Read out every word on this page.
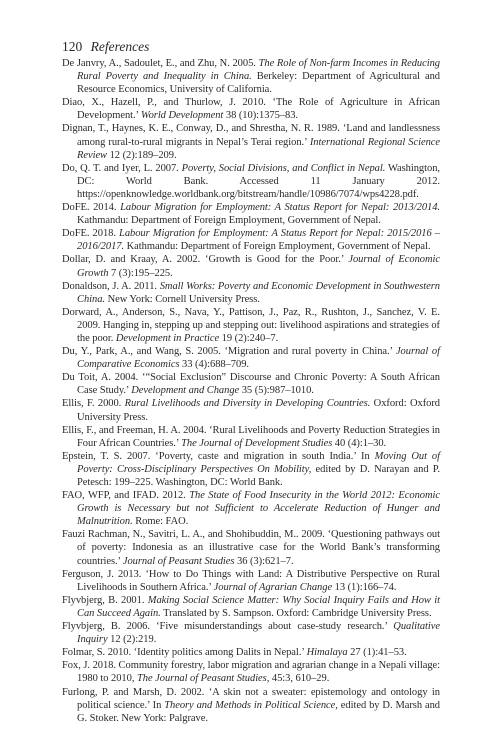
120 References

De Janvry, A., Sadoulet, E., and Zhu, N. 2005. The Role of Non-farm Incomes in Reducing Rural Poverty and Inequality in China. Berkeley: Department of Agricultural and Resource Economics, University of California.

Diao, X., Hazell, P., and Thurlow, J. 2010. ‘The Role of Agriculture in African Development.’ World Development 38 (10):1375–83.

Dignan, T., Haynes, K. E., Conway, D., and Shrestha, N. R. 1989. ‘Land and landlessness among rural-to-rural migrants in Nepal’s Terai region.’ International Regional Science Review 12 (2):189–209.

Do, Q. T. and Iyer, L. 2007. Poverty, Social Divisions, and Conflict in Nepal. Washington, DC: World Bank. Accessed 11 January 2012. https://openknowledge.worldbank.org/bitstream/handle/10986/7074/wps4228.pdf.

DoFE. 2014. Labour Migration for Employment: A Status Report for Nepal: 2013/2014. Kathmandu: Department of Foreign Employment, Government of Nepal.

DoFE. 2018. Labour Migration for Employment: A Status Report for Nepal: 2015/2016 – 2016/2017. Kathmandu: Department of Foreign Employment, Government of Nepal.

Dollar, D. and Kraay, A. 2002. ‘Growth is Good for the Poor.’ Journal of Economic Growth 7 (3):195–225.

Donaldson, J. A. 2011. Small Works: Poverty and Economic Development in Southwestern China. New York: Cornell University Press.

Dorward, A., Anderson, S., Nava, Y., Pattison, J., Paz, R., Rushton, J., Sanchez, V. E. 2009. Hanging in, stepping up and stepping out: livelihood aspirations and strategies of the poor. Development in Practice 19 (2):240–7.

Du, Y., Park, A., and Wang, S. 2005. ‘Migration and rural poverty in China.’ Journal of Comparative Economics 33 (4):688–709.

Du Toit, A. 2004. ‘“Social Exclusion” Discourse and Chronic Poverty: A South African Case Study.’ Development and Change 35 (5):987–1010.

Ellis, F. 2000. Rural Livelihoods and Diversity in Developing Countries. Oxford: Oxford University Press.

Ellis, F., and Freeman, H. A. 2004. ‘Rural Livelihoods and Poverty Reduction Strategies in Four African Countries.’ The Journal of Development Studies 40 (4):1–30.

Epstein, T. S. 2007. ‘Poverty, caste and migration in south India.’ In Moving Out of Poverty: Cross-Disciplinary Perspectives On Mobility, edited by D. Narayan and P. Petesch: 199–225. Washington, DC: World Bank.

FAO, WFP, and IFAD. 2012. The State of Food Insecurity in the World 2012: Economic Growth is Necessary but not Sufficient to Accelerate Reduction of Hunger and Malnutrition. Rome: FAO.

Fauzi Rachman, N., Savitri, L. A., and Shohibuddin, M.. 2009. ‘Questioning pathways out of poverty: Indonesia as an illustrative case for the World Bank’s transforming countries.’ Journal of Peasant Studies 36 (3):621–7.

Ferguson, J. 2013. ‘How to Do Things with Land: A Distributive Perspective on Rural Livelihoods in Southern Africa.’ Journal of Agrarian Change 13 (1):166–74.

Flyvbjerg, B. 2001. Making Social Science Matter: Why Social Inquiry Fails and How it Can Succeed Again. Translated by S. Sampson. Oxford: Cambridge University Press.

Flyvbjerg, B. 2006. ‘Five misunderstandings about case-study research.’ Qualitative Inquiry 12 (2):219.

Folmar, S. 2010. ‘Identity politics among Dalits in Nepal.’ Himalaya 27 (1):41–53.

Fox, J. 2018. Community forestry, labor migration and agrarian change in a Nepali village: 1980 to 2010, The Journal of Peasant Studies, 45:3, 610–29.

Furlong, P. and Marsh, D. 2002. ‘A skin not a sweater: epistemology and ontology in political science.’ In Theory and Methods in Political Science, edited by D. Marsh and G. Stoker. New York: Palgrave.
